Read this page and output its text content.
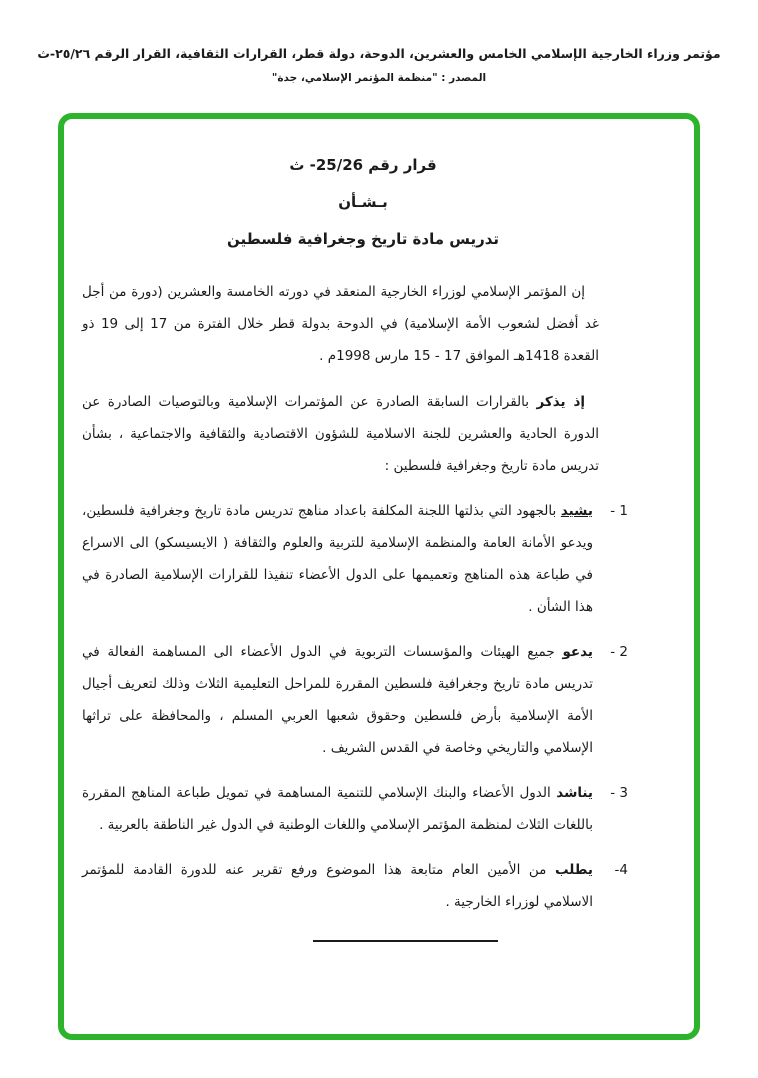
مؤتمر وزراء الخارجية الإسلامي الخامس والعشرين، الدوحة، دولة قطر، القرارات الثقافية، القرار الرقم ٢٥/٢٦-ث
المصدر : "منظمة المؤتمر الإسلامي، جدة"
قرار رقم 25/26- ث
بـشـأن
تدريس مادة تاريخ وجغرافية فلسطين

إن المؤتمر الإسلامي لوزراء الخارجية المنعقد في دورته الخامسة والعشرين (دورة من أجل غد أفضل لشعوب الأمة الإسلامية) في الدوحة بدولة قطر خلال الفترة من 17 إلى 19 ذو القعدة 1418هـ الموافق ‎15 - 17 مارس 1998م .

إذ يذكر بالقرارات السابقة الصادرة عن المؤتمرات الإسلامية وبالتوصيات الصادرة عن الدورة الحادية والعشرين للجنة الاسلامية للشؤون الاقتصادية والثقافية والاجتماعية ، بشأن تدريس مادة تاريخ وجغرافية فلسطين :

1 -
يشيد بالجهود التي بذلتها اللجنة المكلفة باعداد مناهج تدريس مادة تاريخ وجغرافية فلسطين، ويدعو الأمانة العامة والمنظمة الإسلامية للتربية والعلوم والثقافة ( الايسيسكو) الى الاسراع في طباعة هذه المناهج وتعميمها على الدول الأعضاء تنفيذا للقرارات الإسلامية الصادرة في هذا الشأن .
2 -
يدعو جميع الهيئات والمؤسسات التربوية في الدول الأعضاء الى المساهمة الفعالة في تدريس مادة تاريخ وجغرافية فلسطين المقررة للمراحل التعليمية الثلاث وذلك لتعريف أجيال الأمة الإسلامية بأرض فلسطين وحقوق شعبها العربي المسلم ، والمحافظة على تراثها الإسلامي والتاريخي وخاصة في القدس الشريف .
3 -
يناشد الدول الأعضاء والبنك الإسلامي للتنمية المساهمة في تمويل طباعة المناهج المقررة باللغات الثلاث لمنظمة المؤتمر الإسلامي واللغات الوطنية في الدول غير الناطقة بالعربية .
4-
يطلب من الأمين العام متابعة هذا الموضوع ورفع تقرير عنه للدورة القادمة للمؤتمر الاسلامي لوزراء الخارجية .
